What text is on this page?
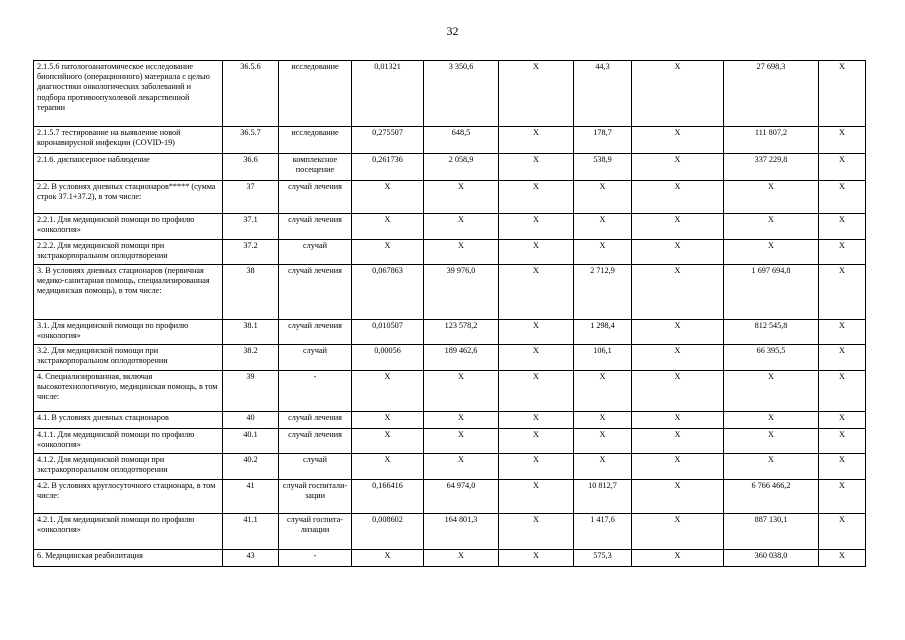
32
2.1.5.6 патологоанатомическое исследование биопсийного (операционного) материала с целью диагностики онкологических заболеваний и подбора противоопухолевой лекарственной терапии	36.5.6	исследование	0,01321	3 350,6	X	44,3	X	27 698,3	X
2.1.5.7 тестирование на выявление новой коронавирусной инфекции (COVID-19)	36.5.7	исследование	0,275507	648,5	X	178,7	X	111 807,2	X
2.1.6. диспансерное наблюдение	36.6	комплексное посещение	0,261736	2 058,9	X	538,9	X	337 229,8	X
2.2. В условиях дневных стационаров***** (сумма строк 37.1+37.2), в том числе:	37	случай лечения	X	X	X	X	X	X	X
2.2.1. Для медицинской помощи по профилю «онкология»	37.1	случай лечения	X	X	X	X	X	X	X
2.2.2. Для медицинской помощи при экстракорпоральном оплодотворении	37.2	случай	X	X	X	X	X	X	X
3. В условиях дневных стационаров (первичная медико-санитарная помощь, специализированная медицинская помощь), в том числе:	38	случай лечения	0,067863	39 976,0	X	2 712,9	X	1 697 694,8	X
3.1. Для медицинской помощи по профилю «онкология»	38.1	случай лечения	0,010507	123 578,2	X	1 298,4	X	812 545,8	X
3.2. Для медицинской помощи при экстракорпоральном оплодотворении	38.2	случай	0,00056	189 462,6	X	106,1	X	66 395,5	X
4. Специализированная, включая высокотехнологичную, медицинская помощь, в том числе:	39	-	X	X	X	X	X	X	X
4.1. В условиях дневных стационаров	40	случай лечения	X	X	X	X	X	X	X
4.1.1. Для медицинской помощи по профилю «онкология»	40.1	случай лечения	X	X	X	X	X	X	X
4.1.2. Для медицинской помощи при экстракорпоральном оплодотворении	40.2	случай	X	X	X	X	X	X	X
4.2. В условиях круглосуточного стационара, в том числе:	41	случай госпитали-зации	0,166416	64 974,0	X	10 812,7	X	6 766 466,2	X
4.2.1. Для медицинской помощи по профилю «онкология»	41.1	случай госпита-лизации	0,008602	164 801,3	X	1 417,6	X	887 130,1	X
6. Медицинская реабилитация	43	-	X	X	X	575,3	X	360 038,0	X
